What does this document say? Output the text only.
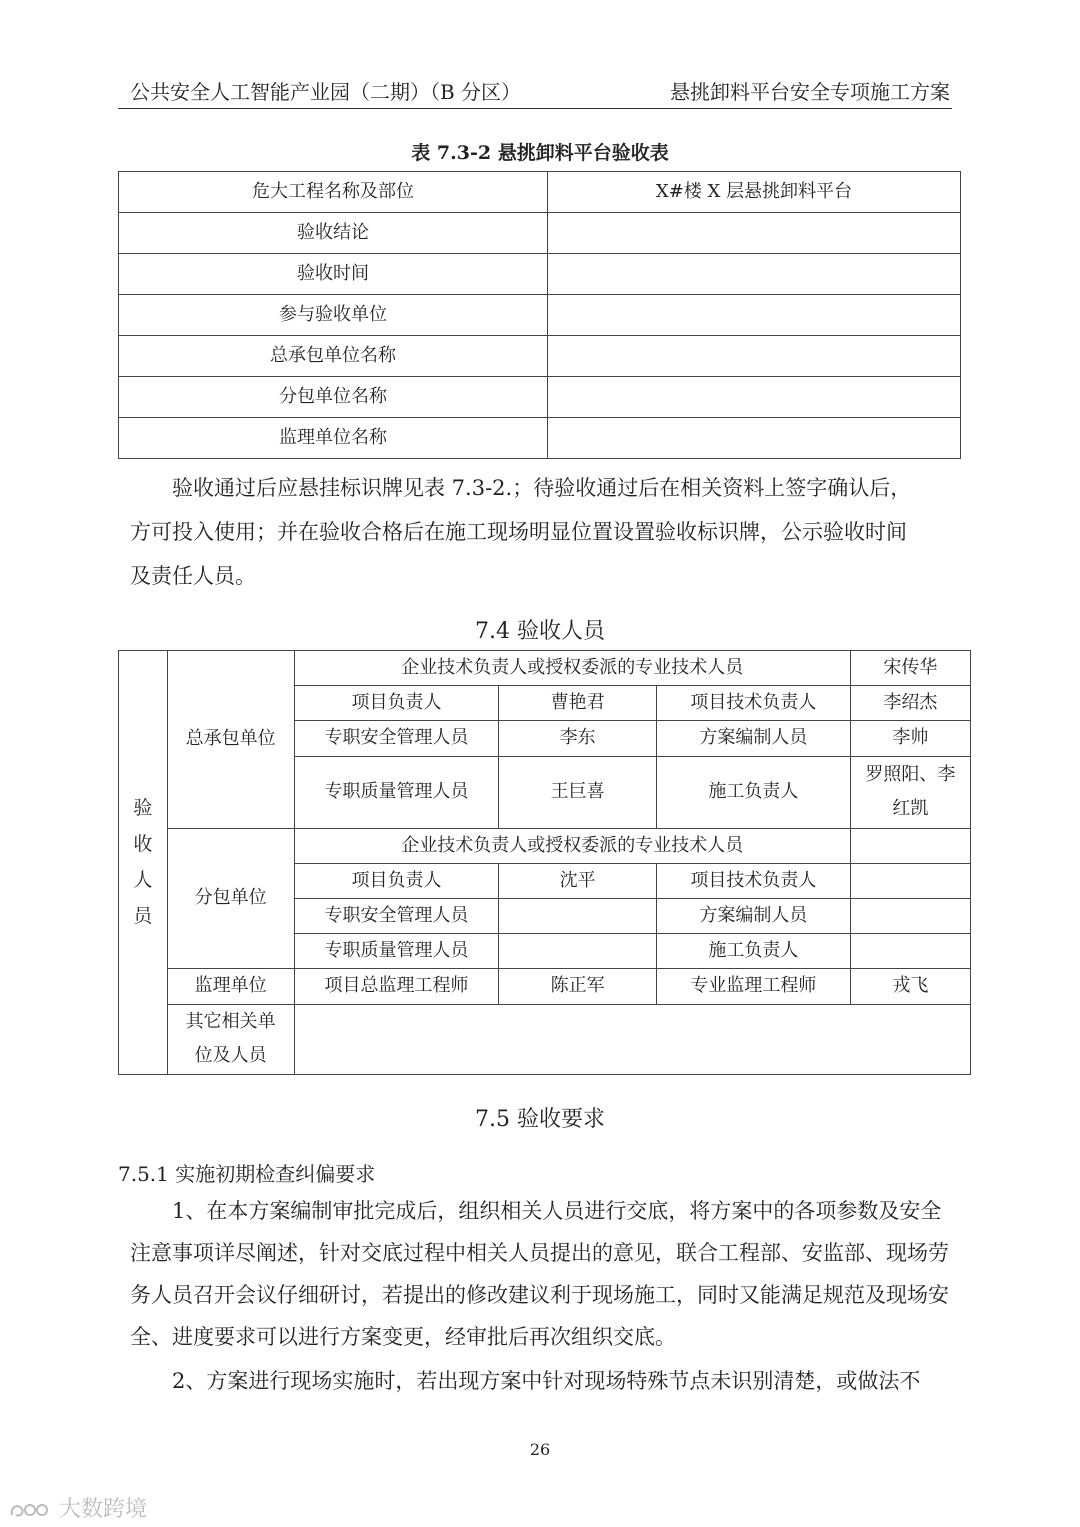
公共安全人工智能产业园（二期）（B 分区）	悬挑卸料平台安全专项施工方案
表 7.3-2 悬挑卸料平台验收表
危大工程名称及部位	X#楼 X 层悬挑卸料平台
验收结论	
验收时间	
参与验收单位	
总承包单位名称	
分包单位名称	
监理单位名称	
验收通过后应悬挂标识牌见表 7.3-2.；待验收通过后在相关资料上签字确认后，
方可投入使用；并在验收合格后在施工现场明显位置设置验收标识牌，公示验收时间
及责任人员。
7.4 验收人员
验
收
人
员	总承包单位	企业技术负责人或授权委派的专业技术人员			宋传华
		项目负责人	曹艳君	项目技术负责人	李绍杰
		专职安全管理人员	李东	方案编制人员	李帅
		专职质量管理人员	王巨喜	施工负责人	罗照阳、李
红凯

	分包单位	企业技术负责人或授权委派的专业技术人员			
		项目负责人	沈平	项目技术负责人	
		专职安全管理人员		方案编制人员	
		专职质量管理人员		施工负责人	
	监理单位	项目总监理工程师	陈正军	专业监理工程师	戎飞

	其它相关单
位及人员				

7.5 验收要求
7.5.1 实施初期检查纠偏要求

1、在本方案编制审批完成后，组织相关人员进行交底，将方案中的各项参数及安全注意事项详尽阐述，针对交底过程中相关人员提出的意见，联合工程部、安监部、现场劳务人员召开会议仔细研讨，若提出的修改建议利于现场施工，同时又能满足规范及现场安全、进度要求可以进行方案变更，经审批后再次组织交底。

2、方案进行现场实施时，若出现方案中针对现场特殊节点未识别清楚，或做法不

26
大数跨境
